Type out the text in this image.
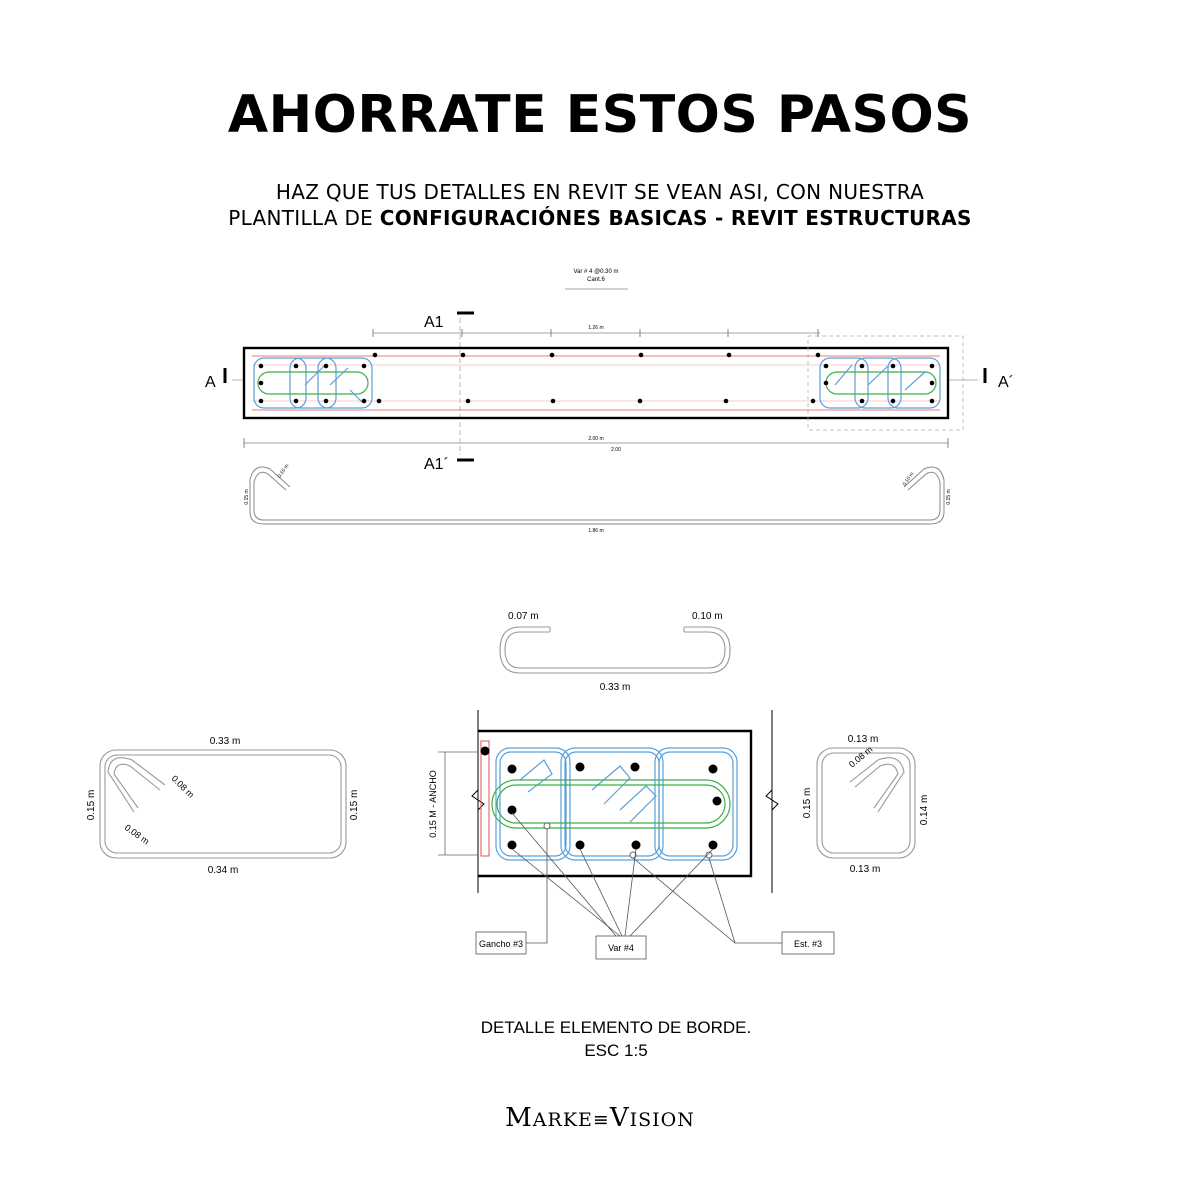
AHORRATE ESTOS PASOS
HAZ QUE TUS DETALLES EN REVIT SE VEAN ASI, CON NUESTRA
PLANTILLA DE CONFIGURACIÓNES BASICAS - REVIT ESTRUCTURAS
Var # 4 @0.30 m
Cant.6
1.26 m
A1
A1´
A	A´
2.00 m
2.00
0.15 m	0.15 m
0.10 m
0.10 m
1.86 m
0.07 m	0.10 m
0.33 m
0.33 m
0.34 m
0.15 m	0.15 m
0.08 m
0.08 m	0.15 M - ANCHO
Gancho #3	Var #4	Est. #3
0.13 m
0.13 m
0.15 m	0.14 m
0.08 m
DETALLE ELEMENTO DE BORDE.
ESC 1:5
MARKE≡VISION
